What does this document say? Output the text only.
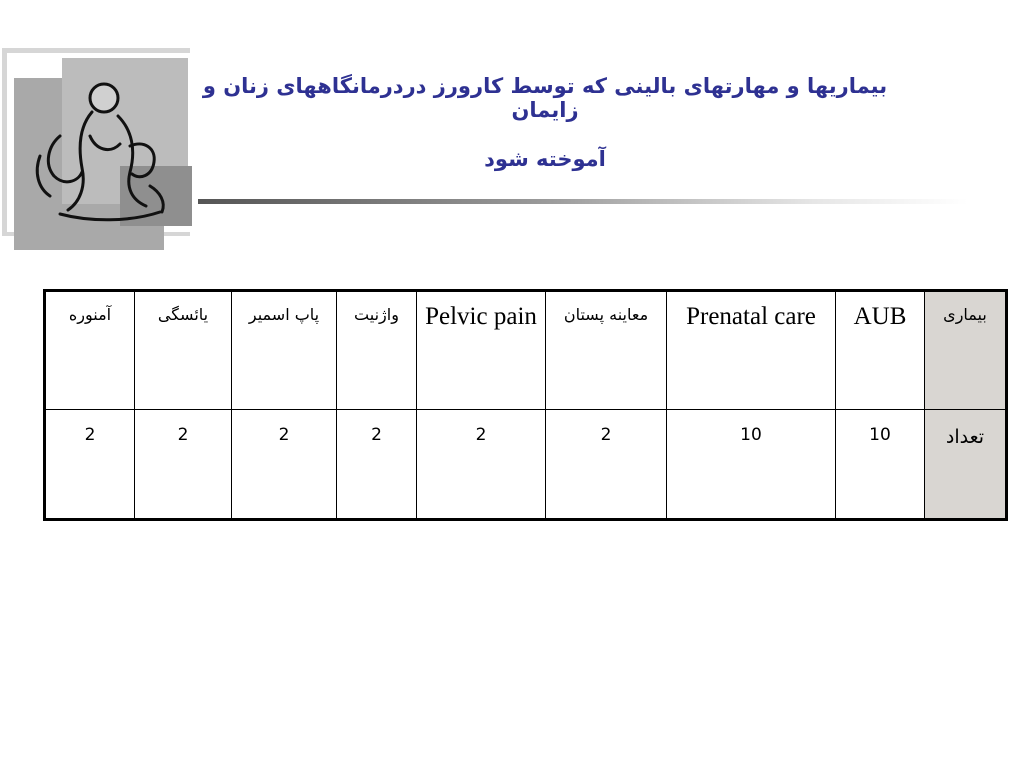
بیماریها و مهارتهای بالینی که توسط کارورز دردرمانگاههای زنان و زایمان
آموخته شود
آمنوره	یائسگی	پاپ اسمیر	واژنیت	Pelvic pain	معاینه پستان	Prenatal care	AUB	بیماری
2	2	2	2	2	2	10	10	تعداد
